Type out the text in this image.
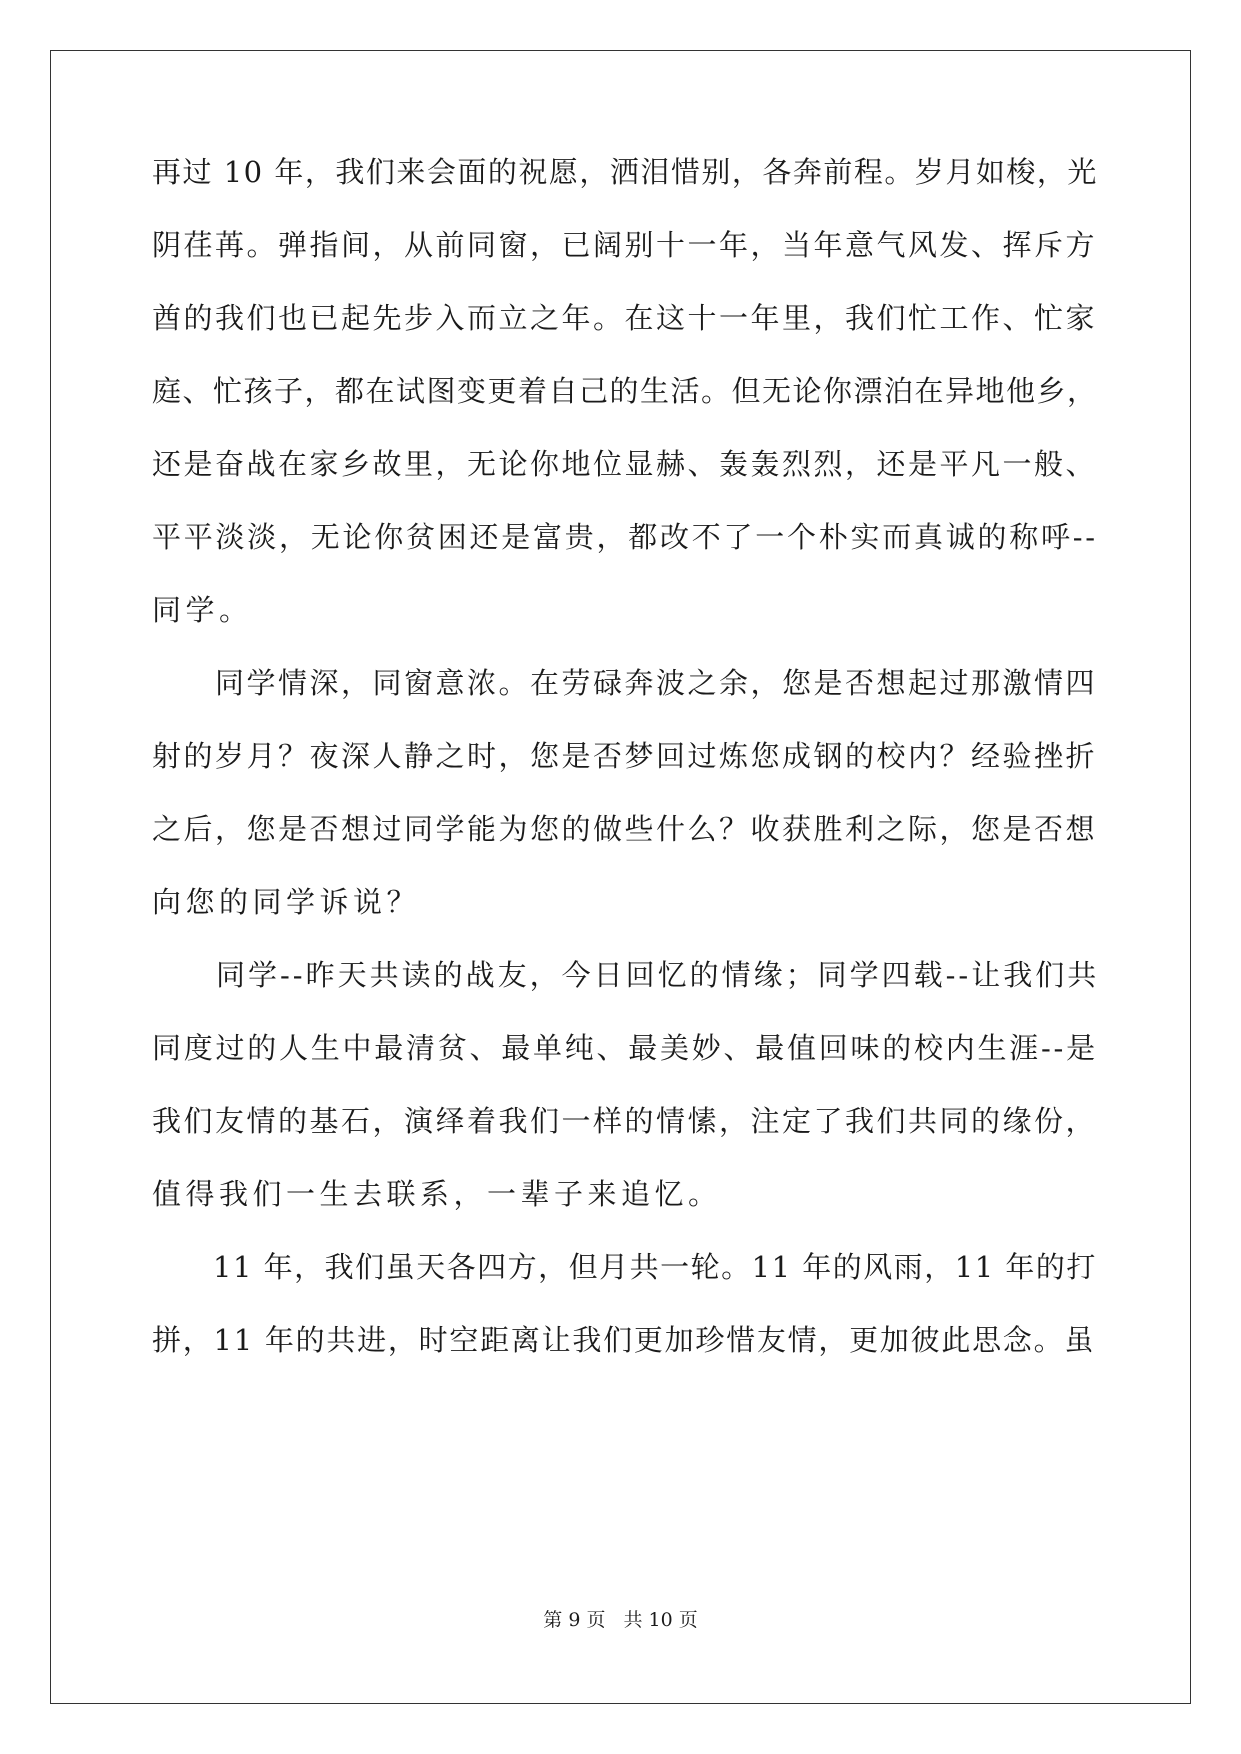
再过 10 年，我们来会面的祝愿，洒泪惜别，各奔前程。岁月如梭，光
阴荏苒。弹指间，从前同窗，已阔别十一年，当年意气风发、挥斥方
酋的我们也已起先步入而立之年。在这十一年里，我们忙工作、忙家
庭、忙孩子，都在试图变更着自己的生活。但无论你漂泊在异地他乡，
还是奋战在家乡故里，无论你地位显赫、轰轰烈烈，还是平凡一般、
平平淡淡，无论你贫困还是富贵，都改不了一个朴实而真诚的称呼--
同学。
　　同学情深，同窗意浓。在劳碌奔波之余，您是否想起过那激情四
射的岁月？夜深人静之时，您是否梦回过炼您成钢的校内？经验挫折
之后，您是否想过同学能为您的做些什么？收获胜利之际，您是否想
向您的同学诉说？
　　同学--昨天共读的战友，今日回忆的情缘；同学四载--让我们共
同度过的人生中最清贫、最单纯、最美妙、最值回味的校内生涯--是
我们友情的基石，演绎着我们一样的情愫，注定了我们共同的缘份，
值得我们一生去联系，一辈子来追忆。
　　11 年，我们虽天各四方，但月共一轮。11 年的风雨，11 年的打
拼，11 年的共进，时空距离让我们更加珍惜友情，更加彼此思念。虽
第 9 页 共 10 页
